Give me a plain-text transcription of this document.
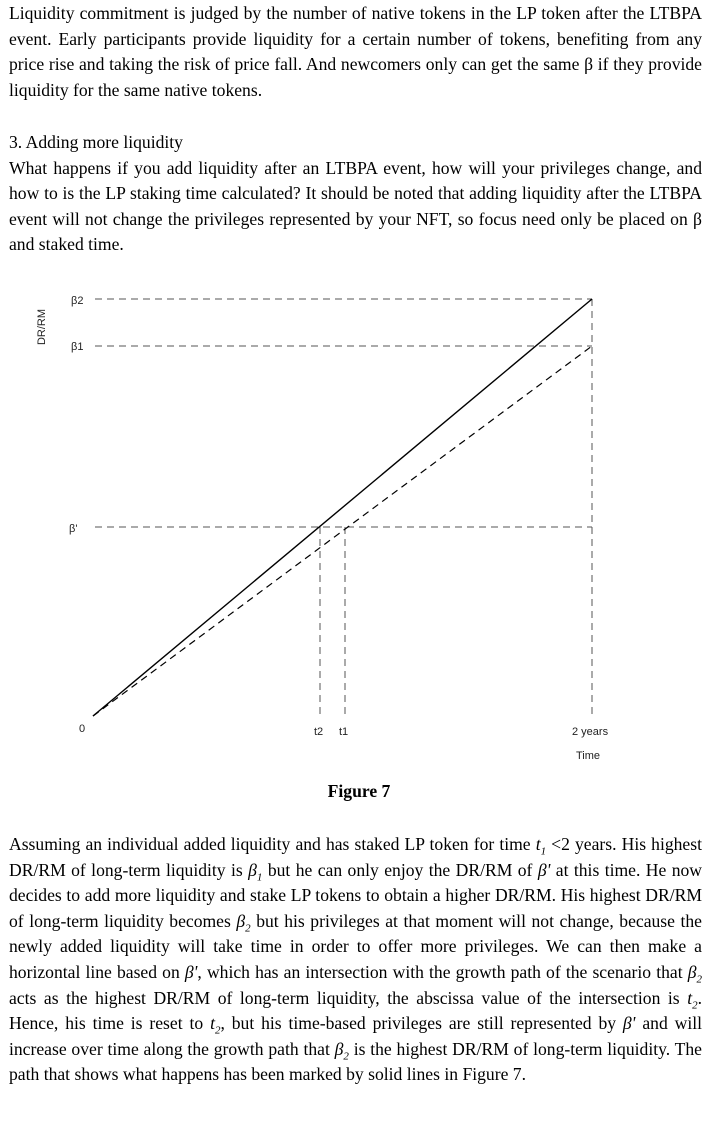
Liquidity commitment is judged by the number of native tokens in the LP token after the LTBPA event. Early participants provide liquidity for a certain number of tokens, benefiting from any price rise and taking the risk of price fall. And newcomers only can get the same β if they provide liquidity for the same native tokens.

3. Adding more liquidity

What happens if you add liquidity after an LTBPA event, how will your privileges change, and how to is the LP staking time calculated? It should be noted that adding liquidity after the LTBPA event will not change the privileges represented by your NFT, so focus need only be placed on β and staked time.

DR/RM
β2
β1
β'
0	t2 t1	2 years
Time
Figure 7

Assuming an individual added liquidity and has staked LP token for time $t_1 <2$ years. His highest DR/RM of long-term liquidity is $\beta_1$ but he can only enjoy the DR/RM of β' at this time. He now decides to add more liquidity and stake LP tokens to obtain a higher DR/RM. His highest DR/RM of long-term liquidity becomes $\beta_2$ but his privileges at that moment will not change, because the newly added liquidity will take time in order to offer more privileges. We can then make a horizontal line based on β', which has an intersection with the growth path of the scenario that $\beta_2$ acts as the highest DR/RM of long-term liquidity, the abscissa value of the intersection is $t_2$. Hence, his time is reset to $t_2$, but his time-based privileges are still represented by β' and will increase over time along the growth path that $\beta_2$ is the highest DR/RM of long-term liquidity. The path that shows what happens has been marked by solid lines in Figure 7.
